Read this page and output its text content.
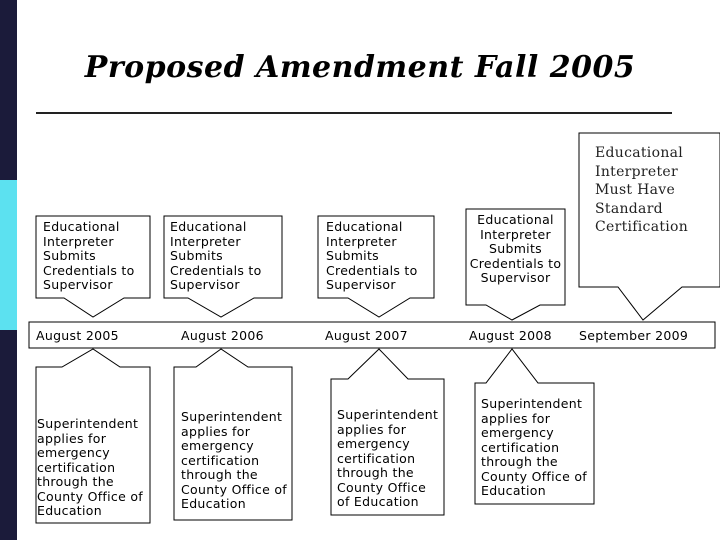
Proposed Amendment Fall 2005
Educational Interpreter Submits Credentials to Supervisor
Educational Interpreter Submits Credentials to Supervisor
Educational Interpreter Submits Credentials to Supervisor
Educational Interpreter Submits Credentials to Supervisor
Educational Interpreter Must Have Standard Certification
August 2005	August 2006	August 2007	August 2008 September 2009
Superintendent applies for emergency certification through the County Office of Education
Superintendent applies for emergency certification through the County Office of Education
Superintendent applies for emergency certification through the County Office of Education
Superintendent applies for emergency certification through the County Office of Education
